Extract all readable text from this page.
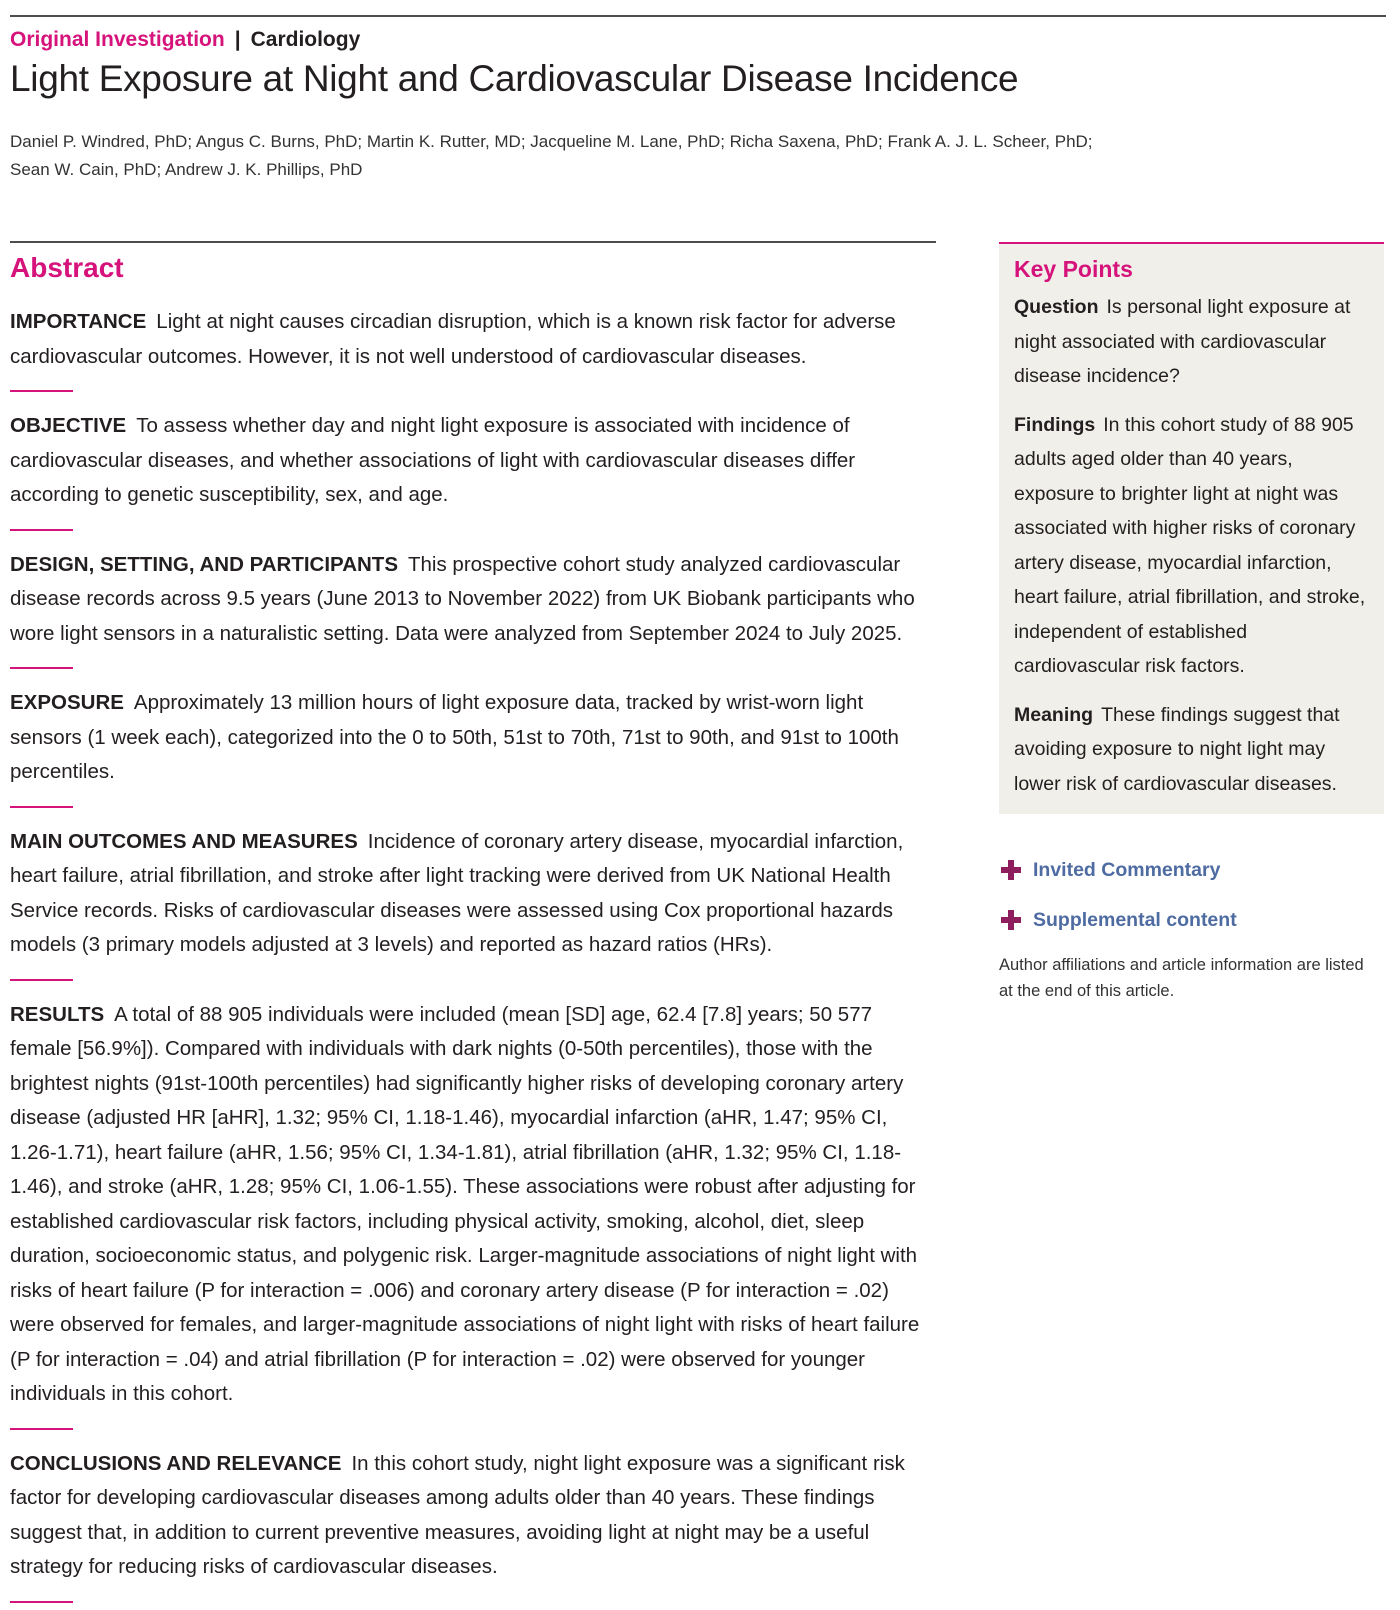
Original Investigation | Cardiology
Light Exposure at Night and Cardiovascular Disease Incidence
Daniel P. Windred, PhD; Angus C. Burns, PhD; Martin K. Rutter, MD; Jacqueline M. Lane, PhD; Richa Saxena, PhD; Frank A. J. L. Scheer, PhD;
Sean W. Cain, PhD; Andrew J. K. Phillips, PhD
Abstract

IMPORTANCE Light at night causes circadian disruption, which is a known risk factor for adverse cardiovascular outcomes. However, it is not well understood of cardiovascular diseases.

OBJECTIVE To assess whether day and night light exposure is associated with incidence of cardiovascular diseases, and whether associations of light with cardiovascular diseases differ according to genetic susceptibility, sex, and age.

DESIGN, SETTING, AND PARTICIPANTS This prospective cohort study analyzed cardiovascular disease records across 9.5 years (June 2013 to November 2022) from UK Biobank participants who wore light sensors in a naturalistic setting. Data were analyzed from September 2024 to July 2025.

EXPOSURE Approximately 13 million hours of light exposure data, tracked by wrist-worn light sensors (1 week each), categorized into the 0 to 50th, 51st to 70th, 71st to 90th, and 91st to 100th percentiles.

MAIN OUTCOMES AND MEASURES Incidence of coronary artery disease, myocardial infarction, heart failure, atrial fibrillation, and stroke after light tracking were derived from UK National Health Service records. Risks of cardiovascular diseases were assessed using Cox proportional hazards models (3 primary models adjusted at 3 levels) and reported as hazard ratios (HRs).

RESULTS A total of 88 905 individuals were included (mean [SD] age, 62.4 [7.8] years; 50 577 female [56.9%]). Compared with individuals with dark nights (0-50th percentiles), those with the brightest nights (91st-100th percentiles) had significantly higher risks of developing coronary artery disease (adjusted HR [aHR], 1.32; 95% CI, 1.18-1.46), myocardial infarction (aHR, 1.47; 95% CI, 1.26-1.71), heart failure (aHR, 1.56; 95% CI, 1.34-1.81), atrial fibrillation (aHR, 1.32; 95% CI, 1.18-1.46), and stroke (aHR, 1.28; 95% CI, 1.06-1.55). These associations were robust after adjusting for established cardiovascular risk factors, including physical activity, smoking, alcohol, diet, sleep duration, socioeconomic status, and polygenic risk. Larger-magnitude associations of night light with risks of heart failure (P for interaction = .006) and coronary artery disease (P for interaction = .02) were observed for females, and larger-magnitude associations of night light with risks of heart failure (P for interaction = .04) and atrial fibrillation (P for interaction = .02) were observed for younger individuals in this cohort.

CONCLUSIONS AND RELEVANCE In this cohort study, night light exposure was a significant risk factor for developing cardiovascular diseases among adults older than 40 years. These findings suggest that, in addition to current preventive measures, avoiding light at night may be a useful strategy for reducing risks of cardiovascular diseases.

Key Points

Question Is personal light exposure at night associated with cardiovascular disease incidence?

Findings In this cohort study of 88 905 adults aged older than 40 years, exposure to brighter light at night was associated with higher risks of coronary artery disease, myocardial infarction, heart failure, atrial fibrillation, and stroke, independent of established cardiovascular risk factors.

Meaning These findings suggest that avoiding exposure to night light may lower risk of cardiovascular diseases.

Invited Commentary
Supplemental content
Author affiliations and article information are listed at the end of this article.
